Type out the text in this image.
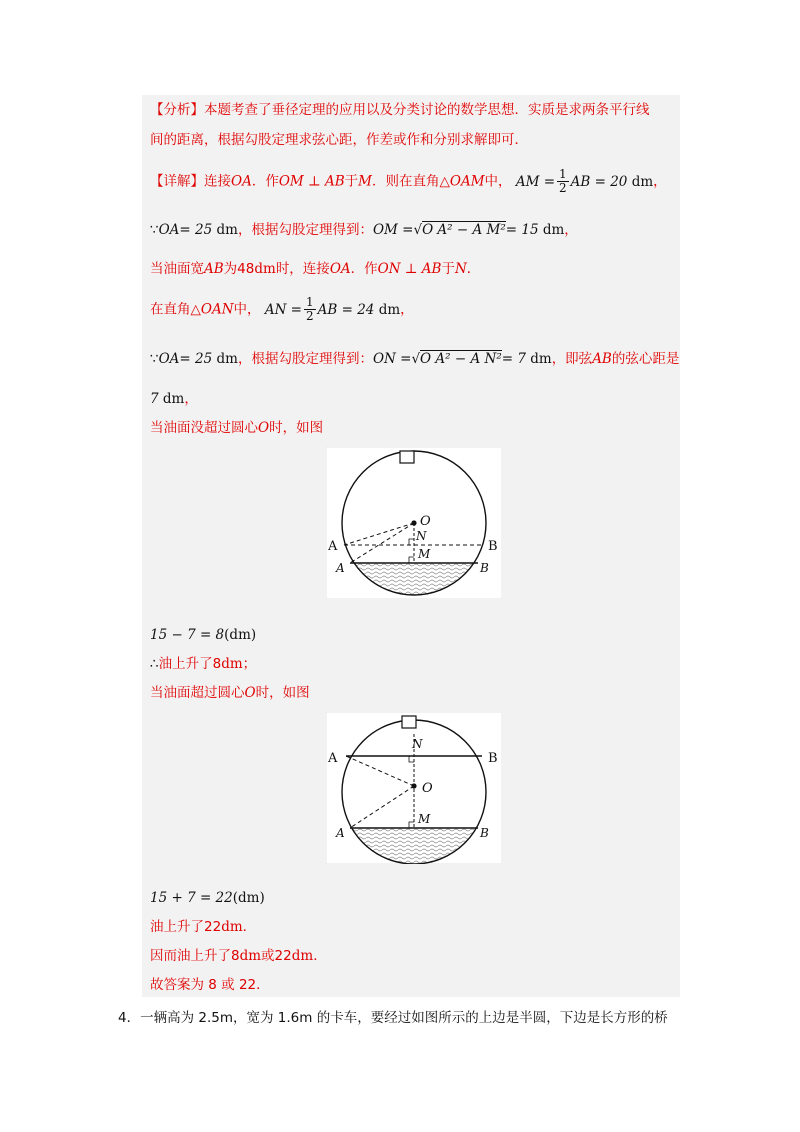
【分析】本题考查了垂径定理的应用以及分类讨论的数学思想．实质是求两条平行线
间的距离，根据勾股定理求弦心距，作差或作和分别求解即可．
【详解】连接OA．作OM ⊥ AB于M．则在直角△OAM中， AM = $\frac{1}{2}$ AB = 20 dm，
∵OA= 25 dm，根据勾股定理得到：OM =√O A² − A M²= 15 dm，
当油面宽AB为48dm时，连接OA．作ON ⊥ AB于N．
在直角△OAN中， AN = $\frac{1}{2}$ AB = 24 dm，
∵OA= 25 dm，根据勾股定理得到：ON =√O A² − A N²= 7 dm，即弦AB的弦心距是
7 dm，
当油面没超过圆心O时，如图
O
N
M
A	B
A	B
15 − 7 = 8(dm)
∴油上升了8dm；
当油面超过圆心O时，如图
O
N
M
A	B
A	B
15 + 7 = 22(dm)
油上升了22dm．
因而油上升了8dm或22dm．
故答案为 8 或 22．
4．一辆高为 2.5m，宽为 1.6m 的卡车，要经过如图所示的上边是半圆，下边是长方形的桥
